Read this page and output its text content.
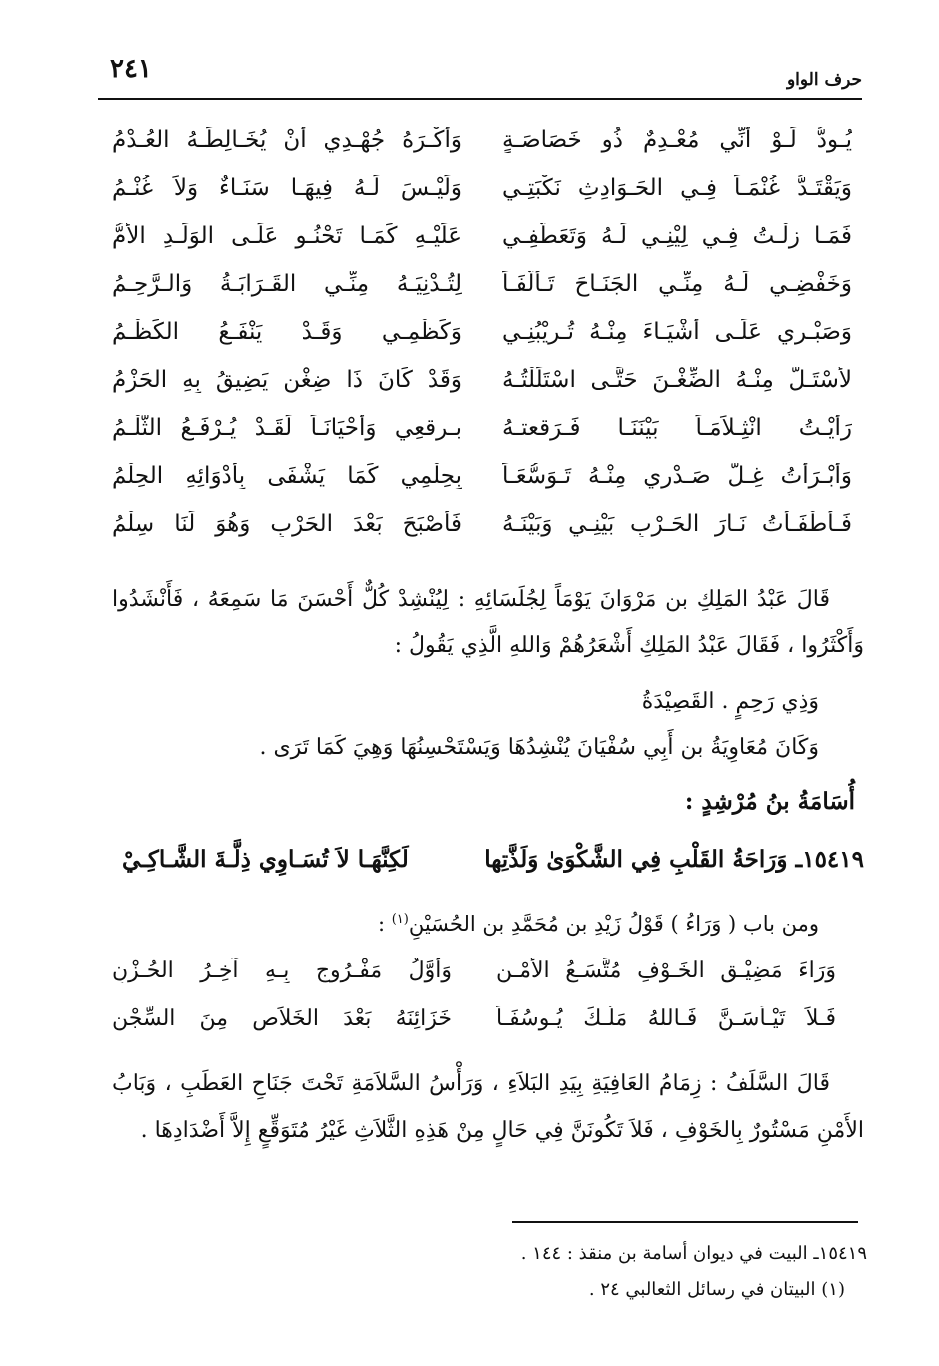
حرف الواو
٢٤١
يُـودُّ لَـوْ أَنِّي مُعْـدِمٌ ذُو خَصَاصَـةٍ
وَأَكْـرَهُ جُهْـدِي أَنْ يُخَـالِطَـهُ العُـدْمُ
وَيَقْتَـدُّ غُنْمَـاً فِـي الحَـوَادِثِ نَكْبَتِـي
وَلَيْـسَ لَـهُ فِيهَـا سَنَـاءٌ وَلاَ غُنْـمُ
فَمَـا زِلْـتُ فِـي لِيْنِـي لَـهُ وَتَعَطُّفِـي
عَلَيْـهِ كَمَـا تَحْنُـو عَلَـى الوَلَـدِ الأُمُّ
وَخَفْضِـي لَـهُ مِنِّـي الجَنَـاحَ تَـأَلُّفَـاً
لِتُـدْنِيَـهُ مِنِّـي القَـرَابَـةُ وَالـرَّحِـمُ
وَصَبْـرِي عَلَـى أَشْيَـاءَ مِنْـهُ تُـرِيْبُنِـي
وَكَظْمِـي وَقَـدْ يَنْفَـعُ الكَظْـمُ
لأَسْتَـلَّ مِنْـهُ الضِّغْـنَ حَتَّـى اسْتَلَلْتُـهُ
وَقَدْ كَانَ ذَا ضِغْنٍ يَضِيقُ بِهِ الحَزْمُ
رَأَيْـتُ انْثِـلاَمَـاً بَيْنَنَـا فَـرَقعتـهُ
بـرقعِي وَأَحْيَانَـاً لَقَـدْ يُـرْفَـعُ الثَّلْـمُ
وَأَبْـرَأْتُ غِـلَّ صَـدْرِي مِنْـهُ تَـوَسُّعَـاً
بِحِلْمِي كَمَا يَشْفَى بِأَدْوَائِهِ الحِلْمُ
فَـأَطْفَـأْتُ نَـارَ الحَـرْبِ بَيْنِـي وَبَيْنَـهُ
فَأَصْبَحَ بَعْدَ الحَرْبِ وَهُوَ لَنَا سِلْمُ
قَالَ عَبْدُ المَلِكِ بن مَرْوَانَ يَوْمَاً لِجُلَسَائِهِ : لِيُنْشِدْ كُلٌّ أَحْسَنَ مَا سَمِعَهُ ، فَأَنْشَدُوا وَأَكْثَرُوا ، فَقَالَ عَبْدُ المَلِكِ أَشْعَرُهُمْ وَاللهِ الَّذِي يَقُولُ :
وَذِي رَحِمٍ . القَصِيْدَةُ
وَكَانَ مُعَاوِيَةُ بن أَبِي سُفْيَانَ يُنْشِدُهَا وَيَسْتَحْسِنُهَا وَهِيَ كَمَا تَرَى .
أُسَامَةُ بنُ مُرْشِدٍ :
١٥٤١٩ـ وَرَاحَةُ القَلْبِ فِي الشَّكْوَىٰ وَلَذَّتِها
لَكِنَّهَـا لاَ تُسَـاوِي ذِلَّـةَ الشَّـاكِـيْ
ومن باب ( وَرَاءُ ) قَوْلُ زَيْدِ بن مُحَمَّدِ بن الحُسَيْنِ$^{(١)}$ :
وَرَاءَ مَضِيْـقِ الخَـوْفِ مُتَّسَـعُ الأَمْـنِ
وَأَوَّلُ مَفْـرُوجٍ بِـهِ آخِـرُ الحُـزْنِ
فَـلاَ تَيْـأَسَـنَّ فَـاللهُ مَلَّـكَ يُـوسُفَـاً
خَزَائِنَهُ بَعْدَ الخَلاَصِ مِنَ السِّجْنِ
قَالَ السَّلَفُ : زِمَامُ العَافِيَةِ بِيَدِ البَلاَءِ ، وَرَأْسُ السَّلاَمَةِ تَحْتَ جَنَاحِ العَطَبِ ، وَبَابُ الأَمْنِ مَسْتُورٌ بِالخَوْفِ ، فَلاَ تَكُونَنَّ فِي حَالٍ مِنْ هَذِهِ الثَّلاَثِ غَيْرُ مُتَوَقِّعٍ إِلاَّ أَضْدَادِهَا .
١٥٤١٩ـ البيت في ديوان أسامة بن منقذ : ١٤٤ .
(١) البيتان في رسائل الثعالبي ٢٤ .
